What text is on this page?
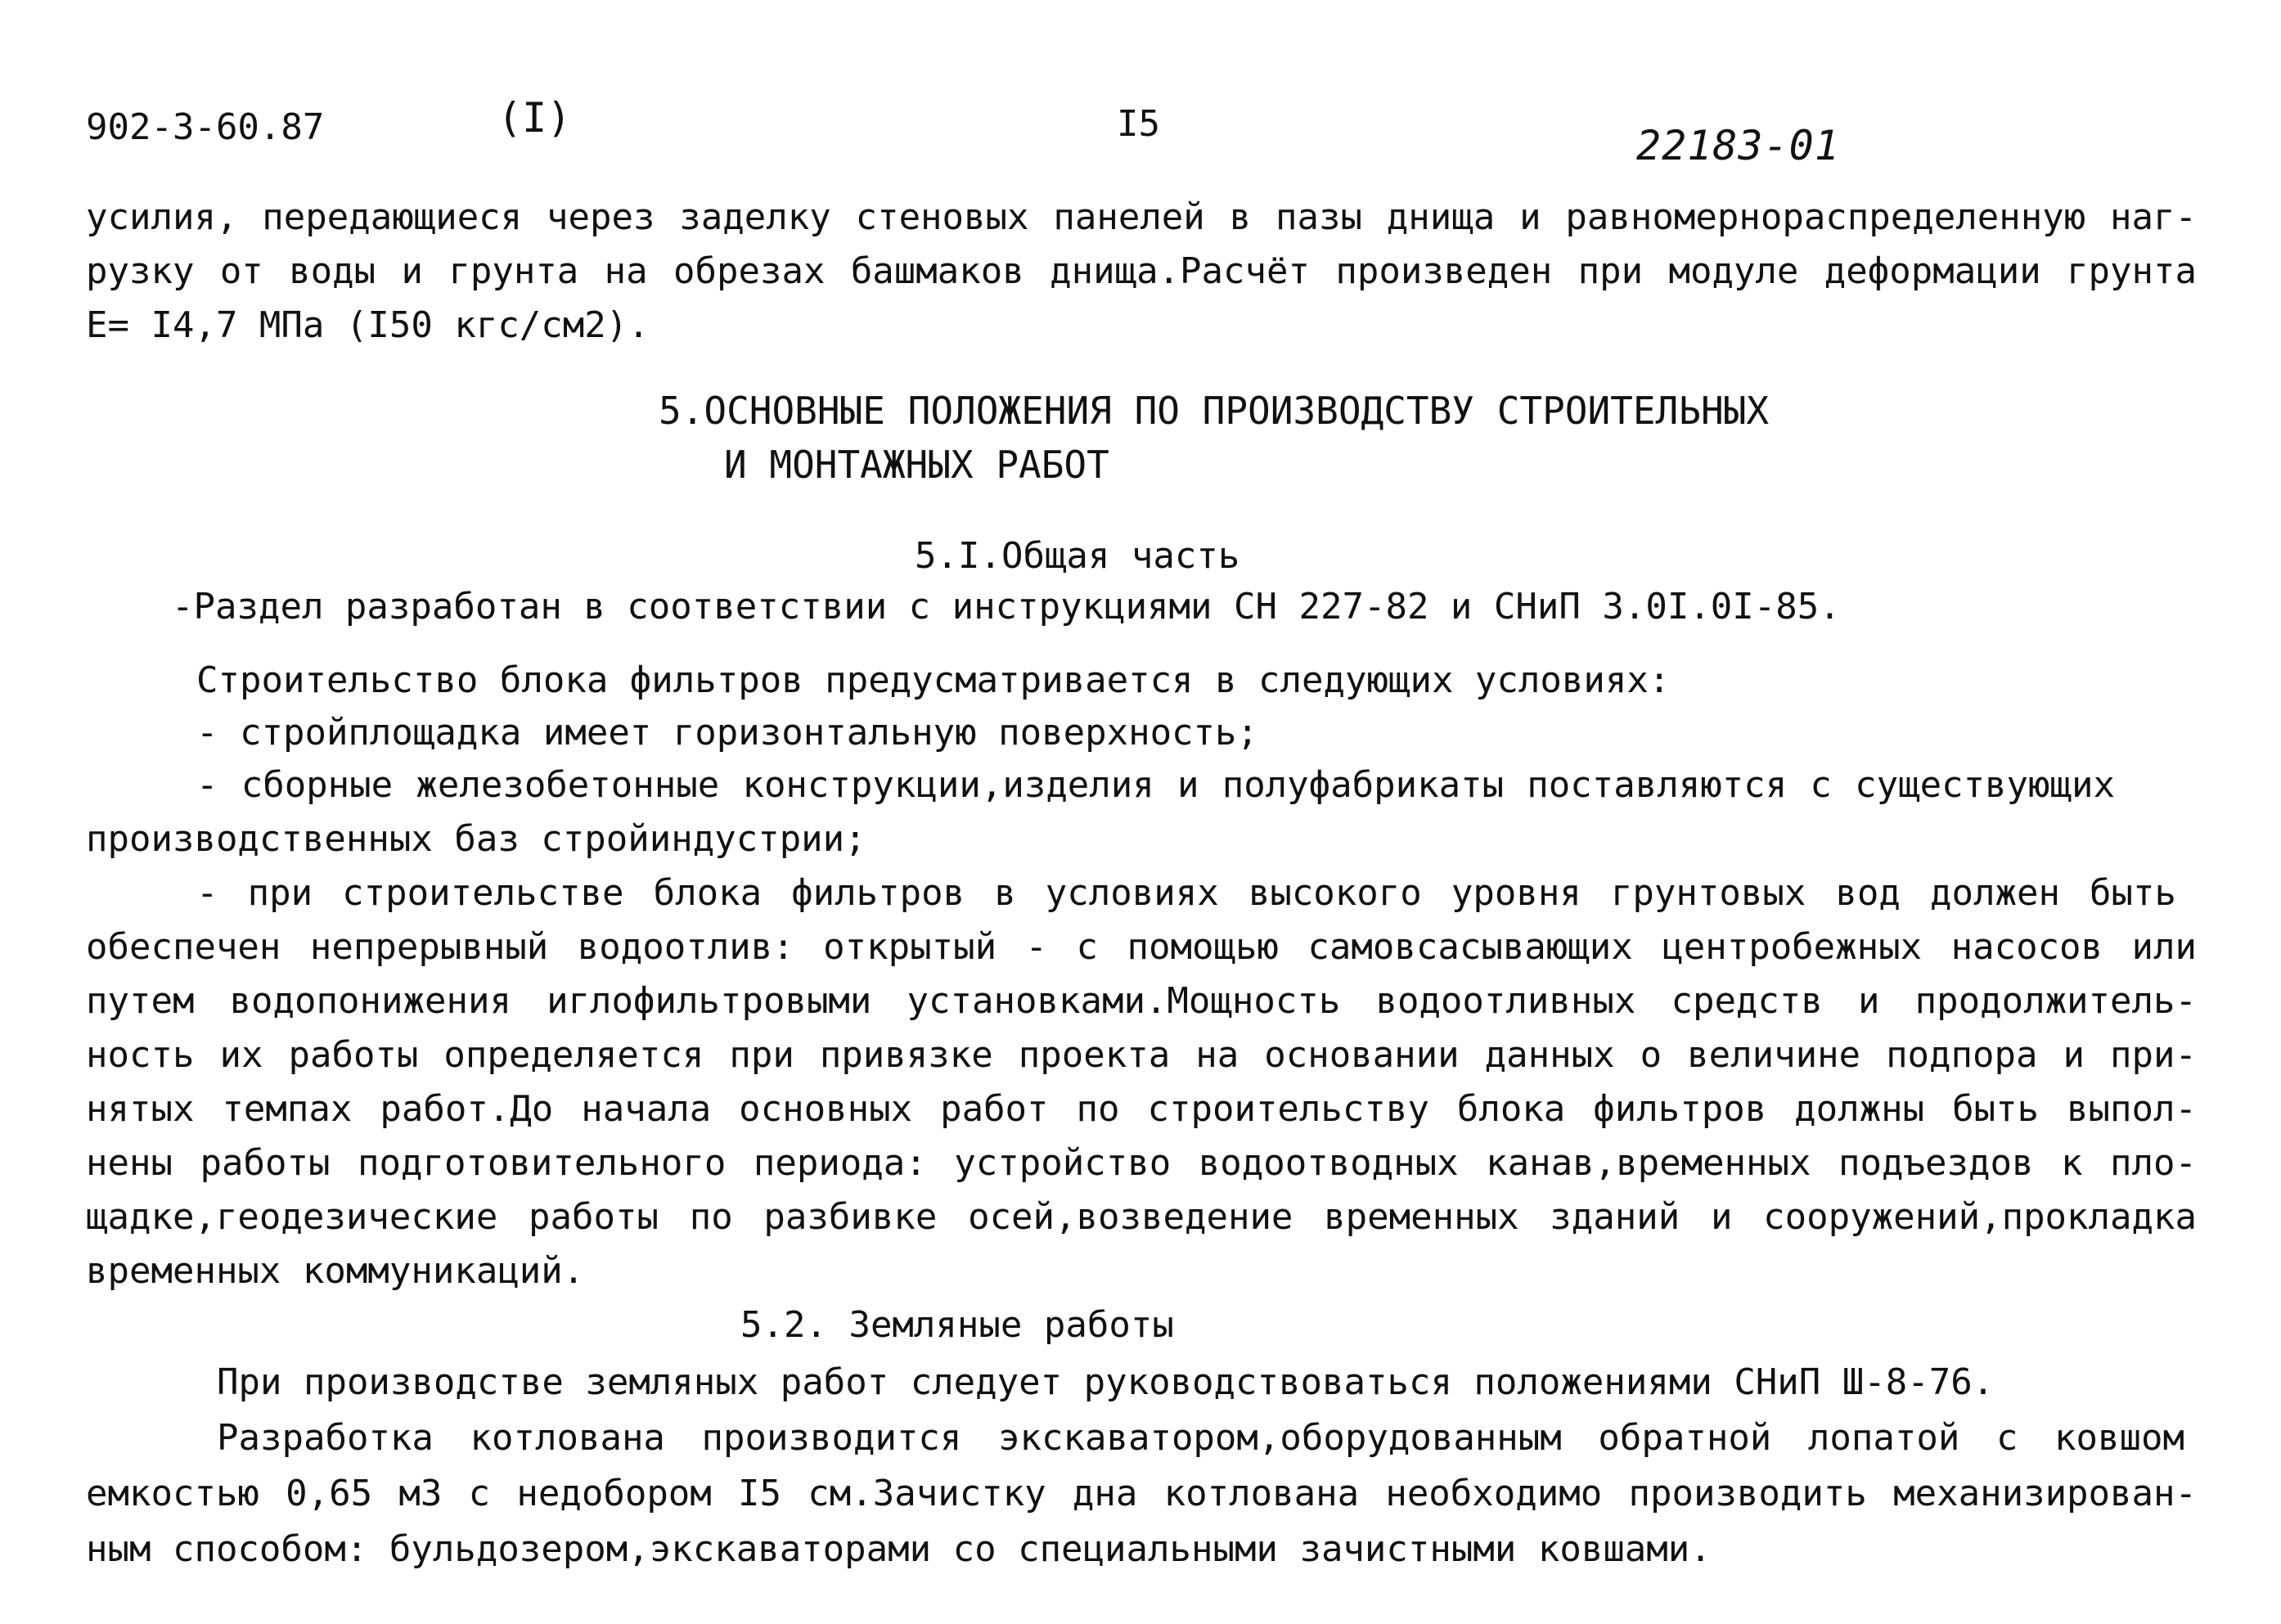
902-3-60.87	(I)	I5	22183-01
усилия, передающиеся через заделку стеновых панелей в пазы днища и равномернораспределенную наг-
рузку от воды и грунта на обрезах башмаков днища.Расчёт произведен при модуле деформации грунта
E= I4,7 МПа (I50 кгс/см2).
5.ОСНОВНЫЕ ПОЛОЖЕНИЯ ПО ПРОИЗВОДСТВУ СТРОИТЕЛЬНЫХ
И МОНТАЖНЫХ РАБОТ
5.I.Общая часть
-Раздел разработан в соответствии с инструкциями СН 227-82 и СНиП 3.0I.0I-85.
Строительство блока фильтров предусматривается в следующих условиях:
- стройплощадка имеет горизонтальную поверхность;
- сборные железобетонные конструкции,изделия и полуфабрикаты поставляются с существующих
производственных баз стройиндустрии;
- при строительстве блока фильтров в условиях высокого уровня грунтовых вод должен быть
обеспечен непрерывный водоотлив: открытый - с помощью самовсасывающих центробежных насосов или
путем водопонижения иглофильтровыми установками.Мощность водоотливных средств и продолжитель-
ность их работы определяется при привязке проекта на основании данных о величине подпора и при-
нятых темпах работ.До начала основных работ по строительству блока фильтров должны быть выпол-
нены работы подготовительного периода: устройство водоотводных канав,временных подъездов к пло-
щадке,геодезические работы по разбивке осей,возведение временных зданий и сооружений,прокладка
временных коммуникаций.
5.2. Земляные работы
При производстве земляных работ следует руководствоваться положениями СНиП Ш-8-76.
Разработка котлована производится экскаватором,оборудованным обратной лопатой с ковшом
емкостью 0,65 м3 с недобором I5 см.Зачистку дна котлована необходимо производить механизирован-
ным способом: бульдозером,экскаваторами со специальными зачистными ковшами.
